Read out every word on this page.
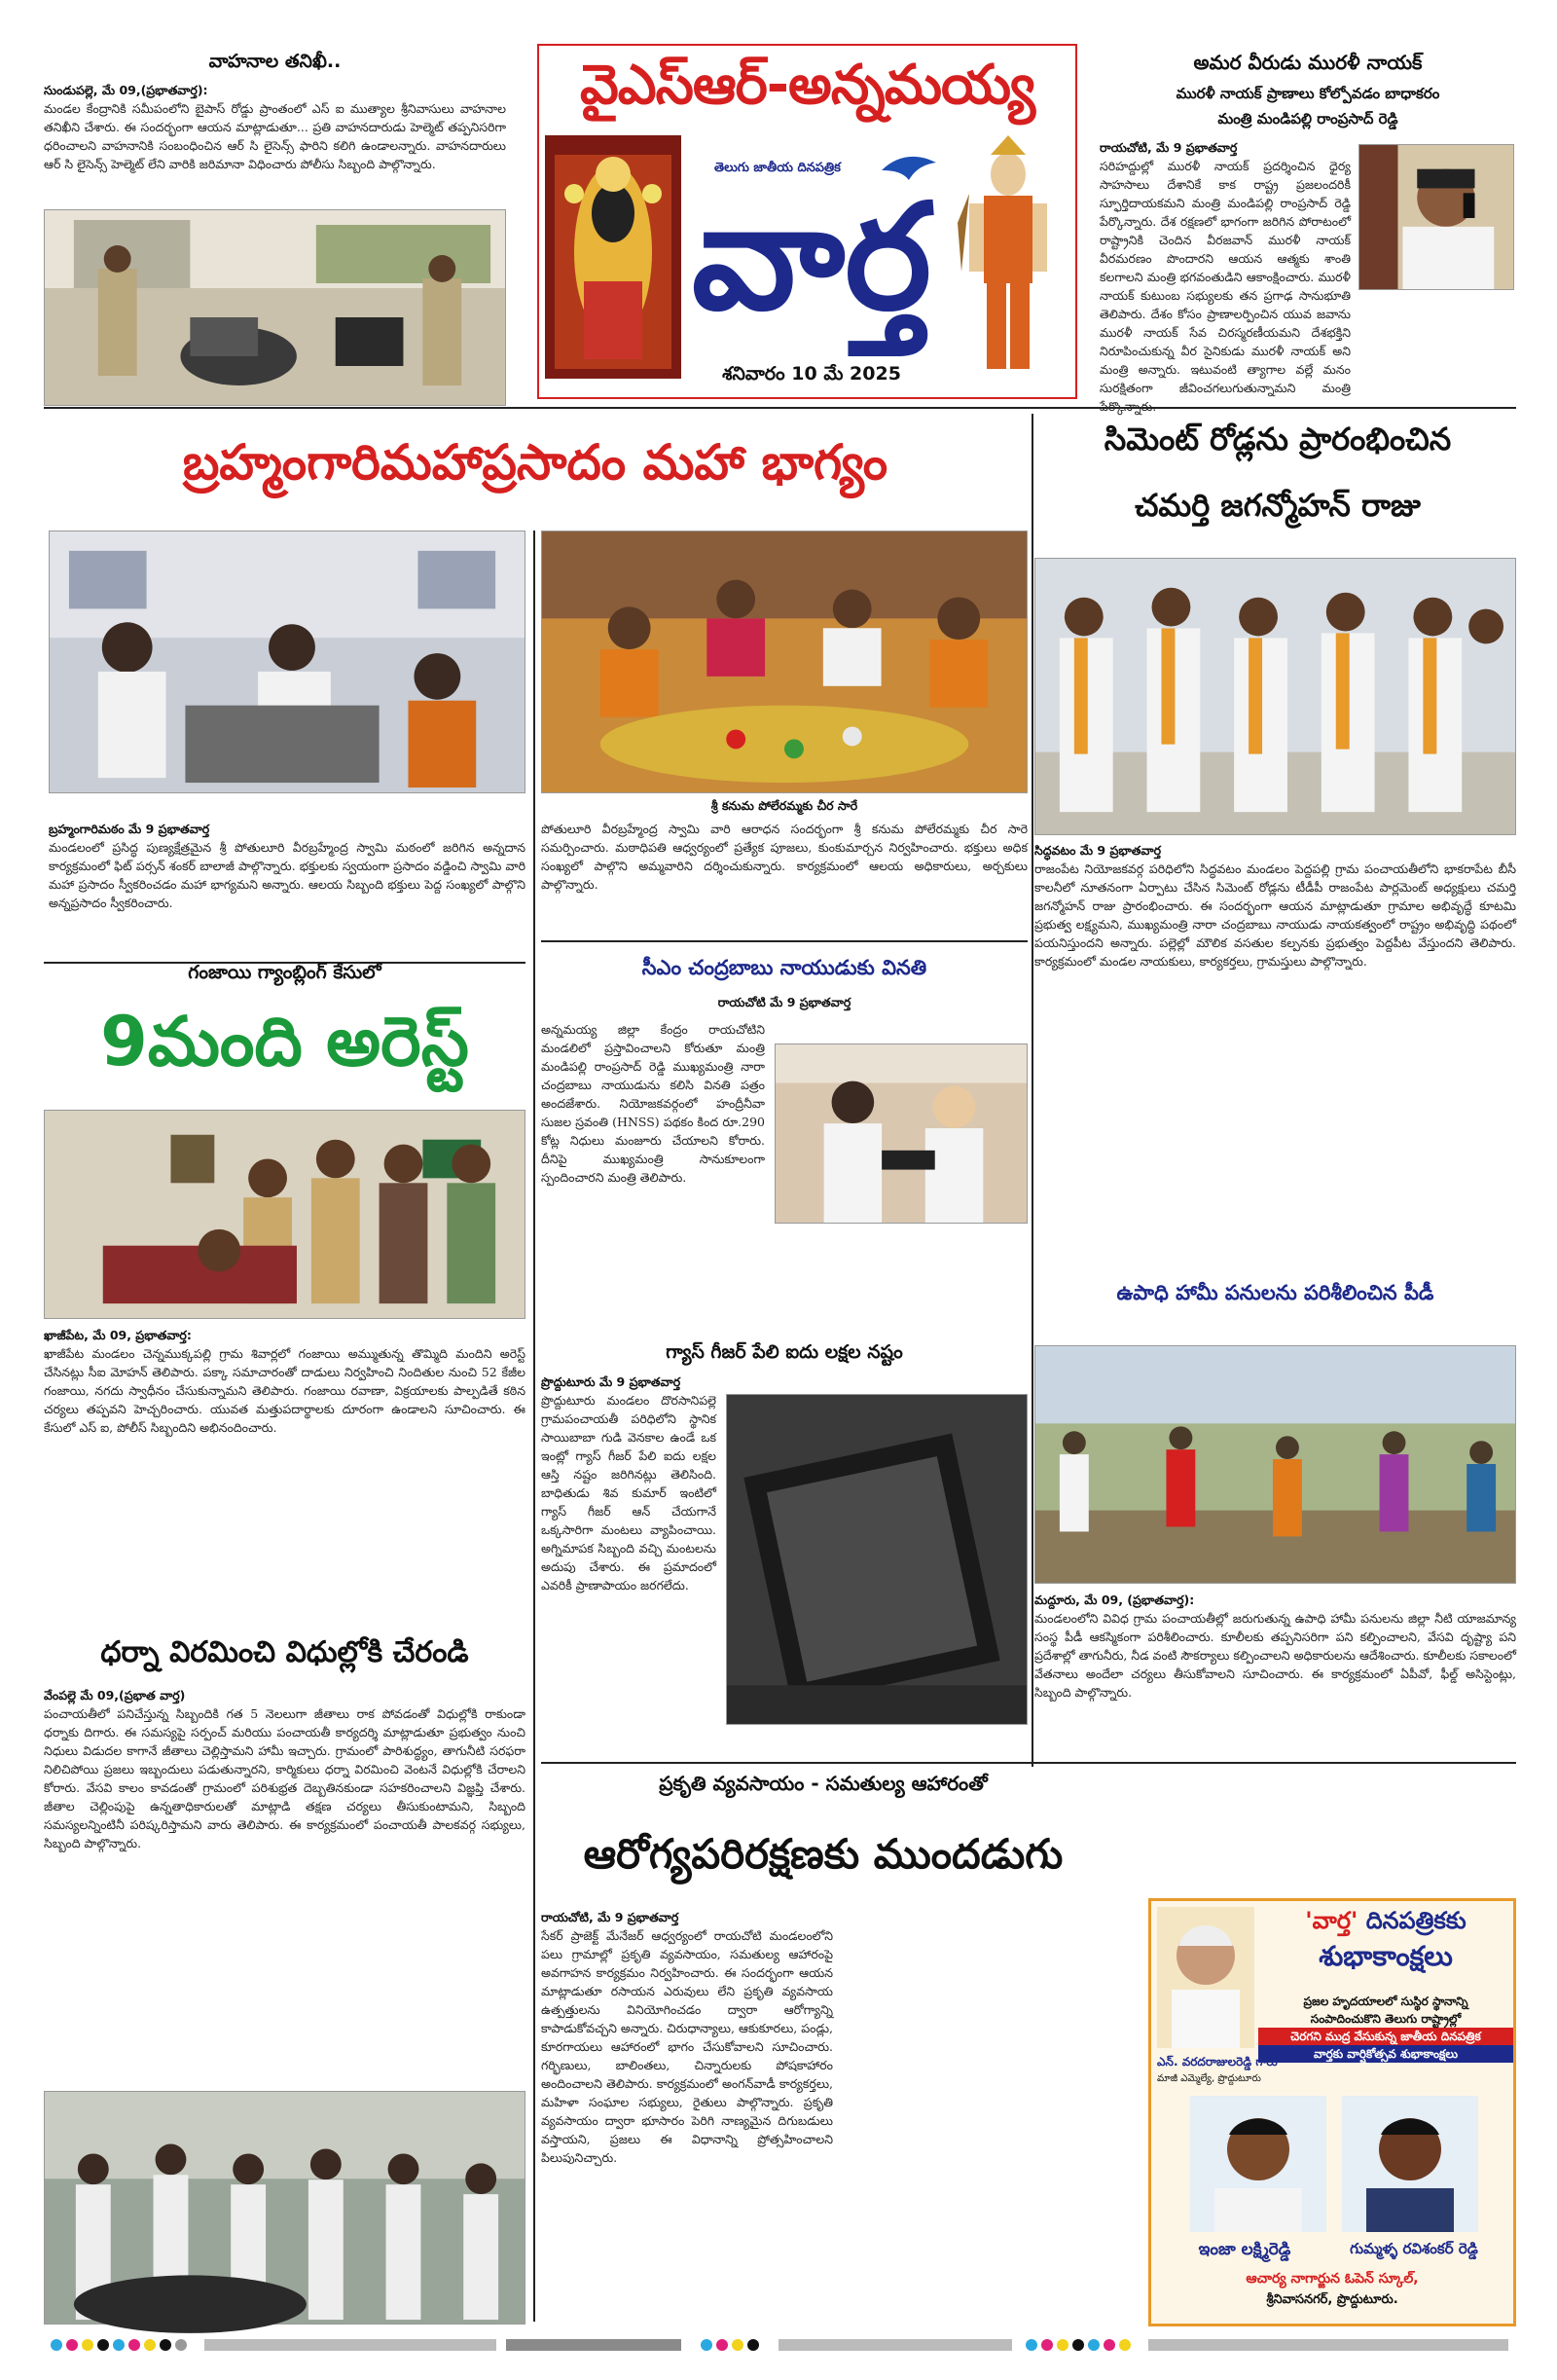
వాహనాల తనిఖీ..
సుండుపల్లె, మే 09,(ప్రభాతవార్త):
మండల కేంద్రానికి సమీపంలోని బైపాస్ రోడ్డు ప్రాంతంలో ఎస్ ఐ ముత్యాల శ్రీనివాసులు వాహనాల తనిఖీని చేశారు. ఈ సందర్భంగా ఆయన మాట్లాడుతూ... ప్రతి వాహనదారుడు హెల్మెట్ తప్పనిసరిగా ధరించాలని వాహనానికి సంబంధించిన ఆర్ సి లైసెన్స్ ఫారిని కలిగి ఉండాలన్నారు. వాహనదారులు ఆర్ సి లైసెన్స్ హెల్మెట్ లేని వారికి జరిమానా విధించారు పోలీసు సిబ్బంది పాల్గొన్నారు.
వైఎస్ఆర్-అన్నమయ్య
తెలుగు జాతీయ దినపత్రిక
వార్త
శనివారం 10 మే 2025
అమర వీరుడు మురళీ నాయక్
మురళీ నాయక్ ప్రాణాలు కోల్పోవడం బాధాకరం
మంత్రి మండిపల్లి రాంప్రసాద్ రెడ్డి
రాయచోటి, మే 9 ప్రభాతవార్త
సరిహద్దుల్లో మురళీ నాయక్ ప్రదర్శించిన ధైర్య సాహసాలు దేశానికే కాక రాష్ట్ర ప్రజలందరికీ స్ఫూర్తిదాయకమని మంత్రి మండిపల్లి రాంప్రసాద్ రెడ్డి పేర్కొన్నారు. దేశ రక్షణలో భాగంగా జరిగిన పోరాటంలో రాష్ట్రానికి చెందిన వీరజవాన్ మురళీ నాయక్ వీరమరణం పొందారని ఆయన ఆత్మకు శాంతి కలగాలని మంత్రి భగవంతుడిని ఆకాంక్షించారు. మురళీ నాయక్ కుటుంబ సభ్యులకు తన ప్రగాఢ సానుభూతి తెలిపారు. దేశం కోసం ప్రాణాలర్పించిన యువ జవాను మురళీ నాయక్ సేవ చిరస్మరణీయమని దేశభక్తిని నిరూపించుకున్న వీర సైనికుడు మురళీ నాయక్ అని మంత్రి అన్నారు. ఇటువంటి త్యాగాల వల్లే మనం సురక్షితంగా జీవించగలుగుతున్నామని మంత్రి
బ్రహ్మంగారిమహాప్రసాదం మహా భాగ్యం
శ్రీ కనుమ పోలేరమ్మకు చీర సారే
బ్రహ్మంగారిమఠం మే 9 ప్రభాతవార్త
మండలంలో ప్రసిద్ధ పుణ్యక్షేత్రమైన శ్రీ పోతులూరి వీరబ్రహ్మేంద్ర స్వామి మఠంలో జరిగిన అన్నదాన కార్యక్రమంలో ఫిట్ పర్సన్ శంకర్ బాలాజీ పాల్గొన్నారు. భక్తులకు స్వయంగా ప్రసాదం వడ్డించి స్వామి వారి మహా ప్రసాదం స్వీకరించడం మహా భాగ్యమని అన్నారు. ఆలయ సిబ్బంది భక్తులు పెద్ద సంఖ్యలో పాల్గొని అన్నప్రసాదం స్వీకరించారు.
పోతులూరి వీరబ్రహ్మేంద్ర స్వామి వారి ఆరాధన సందర్భంగా శ్రీ కనుమ పోలేరమ్మకు చీర సారె సమర్పించారు. మఠాధిపతి ఆధ్వర్యంలో ప్రత్యేక పూజలు, కుంకుమార్చన నిర్వహించారు. భక్తులు అధిక సంఖ్యలో పాల్గొని అమ్మవారిని దర్శించుకున్నారు. కార్యక్రమంలో ఆలయ అధికారులు, అర్చకులు పాల్గొన్నారు.
సిమెంట్ రోడ్లను ప్రారంభించిన
చమర్తి జగన్మోహన్ రాజు
సిద్ధవటం మే 9 ప్రభాతవార్త
రాజంపేట నియోజకవర్గ పరిధిలోని సిద్ధవటం మండలం పెద్దపల్లి గ్రామ పంచాయతీలోని భాకరాపేట బీసీ కాలనీలో నూతనంగా ఏర్పాటు చేసిన సిమెంట్ రోడ్లను టీడీపీ రాజంపేట పార్లమెంట్ అధ్యక్షులు చమర్తి జగన్మోహన్ రాజు ప్రారంభించారు. ఈ సందర్భంగా ఆయన మాట్లాడుతూ గ్రామాల అభివృద్ధే కూటమి ప్రభుత్వ లక్ష్యమని, ముఖ్యమంత్రి నారా చంద్రబాబు నాయుడు నాయకత్వంలో రాష్ట్రం అభివృద్ధి పథంలో పయనిస్తుందని అన్నారు. పల్లెల్లో మౌలిక వసతుల కల్పనకు ప్రభుత్వం పెద్దపీట వేస్తుందని తెలిపారు. కార్యక్రమంలో మండల నాయకులు, కార్యకర్తలు, గ్రామస్తులు పాల్గొన్నారు.
గంజాయి గ్యాంబ్లింగ్ కేసులో
9మంది అరెస్ట్
ఖాజీపేట, మే 09, ప్రభాతవార్త:
ఖాజీపేట మండలం చెన్నముక్కపల్లి గ్రామ శివార్లలో గంజాయి అమ్ముతున్న తొమ్మిది మందిని అరెస్ట్ చేసినట్లు సీఐ మోహన్ తెలిపారు. పక్కా సమాచారంతో దాడులు నిర్వహించి నిందితుల నుంచి 52 కేజీల గంజాయి, నగదు స్వాధీనం చేసుకున్నామని తెలిపారు. గంజాయి రవాణా, విక్రయాలకు పాల్పడితే కఠిన చర్యలు తప్పవని హెచ్చరించారు. యువత మత్తుపదార్థాలకు దూరంగా ఉండాలని సూచించారు. ఈ కేసులో ఎస్ ఐ, పోలీస్ సిబ్బందిని అభినందించారు.
సీఎం చంద్రబాబు నాయుడుకు వినతి
రాయచోటి మే 9 ప్రభాతవార్త
అన్నమయ్య జిల్లా కేంద్రం రాయచోటిని మండలిలో ప్రస్తావించాలని కోరుతూ మంత్రి మండిపల్లి రాంప్రసాద్ రెడ్డి ముఖ్యమంత్రి నారా చంద్రబాబు నాయుడును కలిసి వినతి పత్రం అందజేశారు. నియోజకవర్గంలో హంద్రీనీవా సుజల స్రవంతి (HNSS) పథకం కింద రూ.290 కోట్ల నిధులు మంజూరు చేయాలని కోరారు. దీనిపై ముఖ్యమంత్రి సానుకూలంగా స్పందించారని మంత్రి తెలిపారు.
గ్యాస్ గీజర్ పేలి ఐదు లక్షల నష్టం
ప్రొద్దుటూరు మే 9 ప్రభాతవార్త
ప్రొద్దుటూరు మండలం దొరసానిపల్లె గ్రామపంచాయతీ పరిధిలోని స్థానిక సాయిబాబా గుడి వెనకాల ఉండే ఒక ఇంట్లో గ్యాస్ గీజర్ పేలి ఐదు లక్షల ఆస్తి నష్టం జరిగినట్లు తెలిసింది. బాధితుడు శివ కుమార్ ఇంటిలో గ్యాస్ గీజర్ ఆన్ చేయగానే ఒక్కసారిగా మంటలు వ్యాపించాయి. అగ్నిమాపక సిబ్బంది వచ్చి మంటలను అదుపు చేశారు. ఈ ప్రమాదంలో ఎవరికీ ప్రాణాపాయం జరగలేదు.
ఉపాధి హామీ పనులను పరిశీలించిన పీడీ
మద్దూరు, మే 09, (ప్రభాతవార్త):
మండలంలోని వివిధ గ్రామ పంచాయతీల్లో జరుగుతున్న ఉపాధి హామీ పనులను జిల్లా నీటి యాజమాన్య సంస్థ పీడీ ఆకస్మికంగా పరిశీలించారు. కూలీలకు తప్పనిసరిగా పని కల్పించాలని, వేసవి దృష్ట్యా పని ప్రదేశాల్లో తాగునీరు, నీడ వంటి సౌకర్యాలు కల్పించాలని అధికారులను ఆదేశించారు. కూలీలకు సకాలంలో వేతనాలు అందేలా చర్యలు తీసుకోవాలని సూచించారు. ఈ కార్యక్రమంలో ఏపీవో, ఫీల్డ్ అసిస్టెంట్లు, సిబ్బంది పాల్గొన్నారు.
ధర్నా విరమించి విధుల్లోకి చేరండి
వేంపల్లె మే 09,(ప్రభాత వార్త)
పంచాయతీలో పనిచేస్తున్న సిబ్బందికి గత 5 నెలలుగా జీతాలు రాక పోవడంతో విధుల్లోకి రాకుండా ధర్నాకు దిగారు. ఈ సమస్యపై సర్పంచ్ మరియు పంచాయతీ కార్యదర్శి మాట్లాడుతూ ప్రభుత్వం నుంచి నిధులు విడుదల కాగానే జీతాలు చెల్లిస్తామని హామీ ఇచ్చారు. గ్రామంలో పారిశుద్ధ్యం, తాగునీటి సరఫరా నిలిచిపోయి ప్రజలు ఇబ్బందులు పడుతున్నారని, కార్మికులు ధర్నా విరమించి వెంటనే విధుల్లోకి చేరాలని కోరారు. వేసవి కాలం కావడంతో గ్రామంలో పరిశుభ్రత దెబ్బతినకుండా సహకరించాలని విజ్ఞప్తి చేశారు. జీతాల చెల్లింపుపై ఉన్నతాధికారులతో మాట్లాడి తక్షణ చర్యలు తీసుకుంటామని, సిబ్బంది సమస్యలన్నింటినీ పరిష్కరిస్తామని వారు తెలిపారు. ఈ కార్యక్రమంలో పంచాయతీ పాలకవర్గ సభ్యులు, సిబ్బంది పాల్గొన్నారు.
ప్రకృతి వ్యవసాయం - సమతుల్య ఆహారంతో
ఆరోగ్యపరిరక్షణకు ముందడుగు
రాయచోటి, మే 9 ప్రభాతవార్త
సేకర్ ప్రాజెక్ట్ మేనేజర్ ఆధ్వర్యంలో రాయచోటి మండలంలోని పలు గ్రామాల్లో ప్రకృతి వ్యవసాయం, సమతుల్య ఆహారంపై అవగాహన కార్యక్రమం నిర్వహించారు. ఈ సందర్భంగా ఆయన మాట్లాడుతూ రసాయన ఎరువులు లేని ప్రకృతి వ్యవసాయ ఉత్పత్తులను వినియోగించడం ద్వారా ఆరోగ్యాన్ని కాపాడుకోవచ్చని అన్నారు. చిరుధాన్యాలు, ఆకుకూరలు, పండ్లు, కూరగాయలు ఆహారంలో భాగం చేసుకోవాలని సూచించారు. గర్భిణులు, బాలింతలు, చిన్నారులకు పోషకాహారం అందించాలని తెలిపారు. కార్యక్రమంలో అంగన్‌వాడీ కార్యకర్తలు, మహిళా సంఘాల సభ్యులు, రైతులు పాల్గొన్నారు. ప్రకృతి వ్యవసాయం ద్వారా భూసారం పెరిగి నాణ్యమైన దిగుబడులు వస్తాయని, ప్రజలు ఈ విధానాన్ని ప్రోత్సహించాలని పిలుపునిచ్చారు.
'వార్త' దినపత్రికకు
శుభాకాంక్షలు
ప్రజల హృదయాలలో సుస్థిర స్థానాన్ని
సంపాదించుకొని తెలుగు రాష్ట్రాల్లో
చెరగని ముద్ర వేసుకున్న జాతీయ దినపత్రిక
వార్తకు వార్షికోత్సవ శుభాకాంక్షలు
ఎన్. వరదరాజులరెడ్డి గారు
మాజీ ఎమ్మెల్యే, ప్రొద్దుటూరు
ఇంజా లక్ష్మిరెడ్డి	గుమ్మళ్ళ రవిశంకర్ రెడ్డి
ఆచార్య నాగార్జున ఓపెన్ స్కూల్,
శ్రీనివాసనగర్, ప్రొద్దుటూరు.
